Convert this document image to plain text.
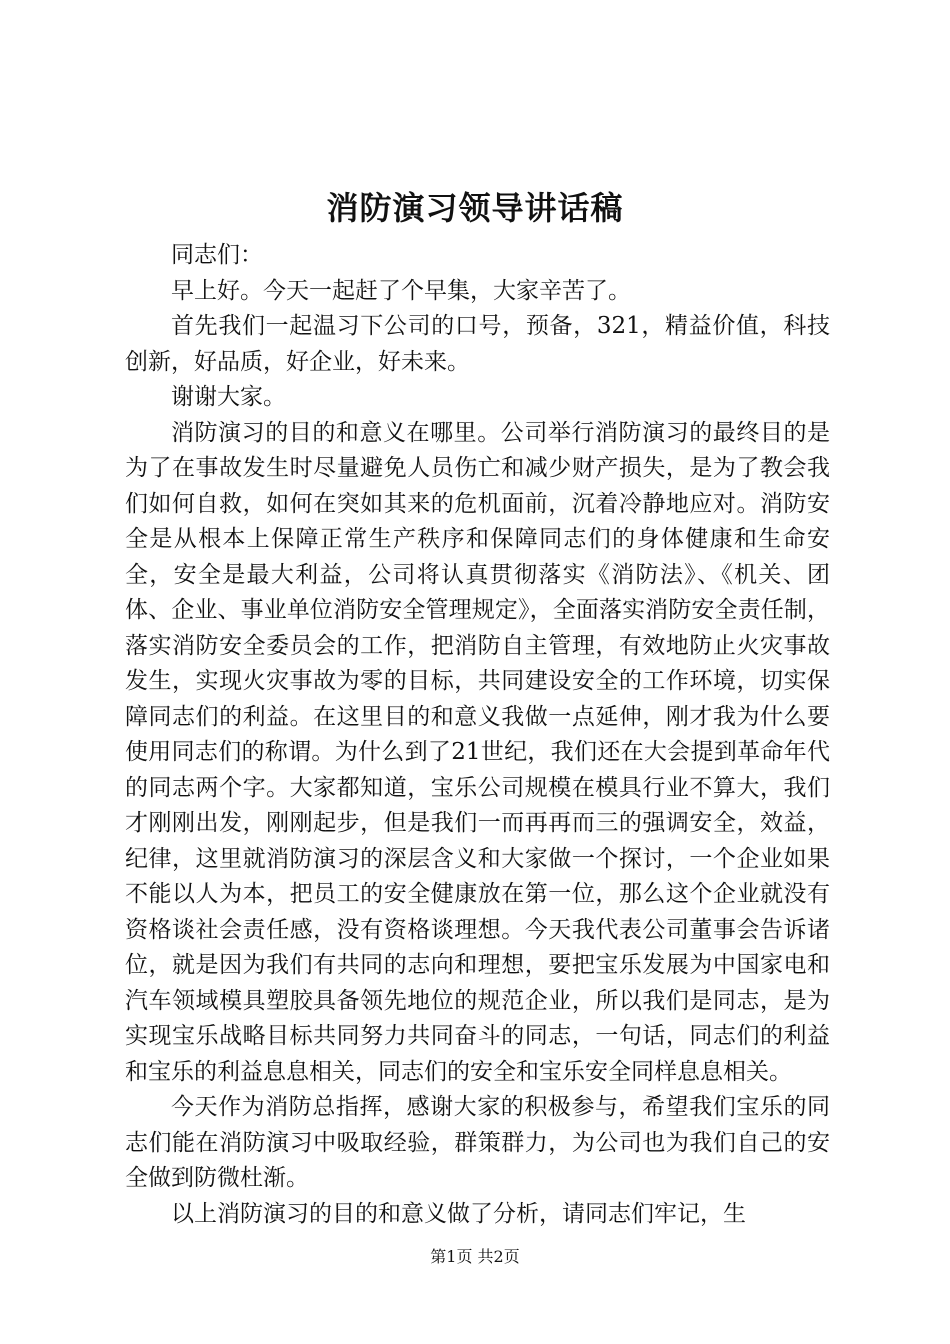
消防演习领导讲话稿

同志们：

早上好。今天一起赶了个早集，大家辛苦了。

首先我们一起温习下公司的口号，预备，321，精益价值，科技创新，好品质，好企业，好未来。

谢谢大家。

消防演习的目的和意义在哪里。公司举行消防演习的最终目的是为了在事故发生时尽量避免人员伤亡和减少财产损失，是为了教会我们如何自救，如何在突如其来的危机面前，沉着冷静地应对。消防安全是从根本上保障正常生产秩序和保障同志们的身体健康和生命安全，安全是最大利益，公司将认真贯彻落实《消防法》、《机关、团体、企业、事业单位消防安全管理规定》，全面落实消防安全责任制，落实消防安全委员会的工作，把消防自主管理，有效地防止火灾事故发生，实现火灾事故为零的目标，共同建设安全的工作环境，切实保障同志们的利益。在这里目的和意义我做一点延伸，刚才我为什么要使用同志们的称谓。为什么到了21世纪，我们还在大会提到革命年代的同志两个字。大家都知道，宝乐公司规模在模具行业不算大，我们才刚刚出发，刚刚起步，但是我们一而再再而三的强调安全，效益，纪律，这里就消防演习的深层含义和大家做一个探讨，一个企业如果不能以人为本，把员工的安全健康放在第一位，那么这个企业就没有资格谈社会责任感，没有资格谈理想。今天我代表公司董事会告诉诸位，就是因为我们有共同的志向和理想，要把宝乐发展为中国家电和汽车领域模具塑胶具备领先地位的规范企业，所以我们是同志，是为实现宝乐战略目标共同努力共同奋斗的同志，一句话，同志们的利益和宝乐的利益息息相关，同志们的安全和宝乐安全同样息息相关。

今天作为消防总指挥，感谢大家的积极参与，希望我们宝乐的同志们能在消防演习中吸取经验，群策群力，为公司也为我们自己的安全做到防微杜渐。

以上消防演习的目的和意义做了分析，请同志们牢记，生

第1页 共2页
